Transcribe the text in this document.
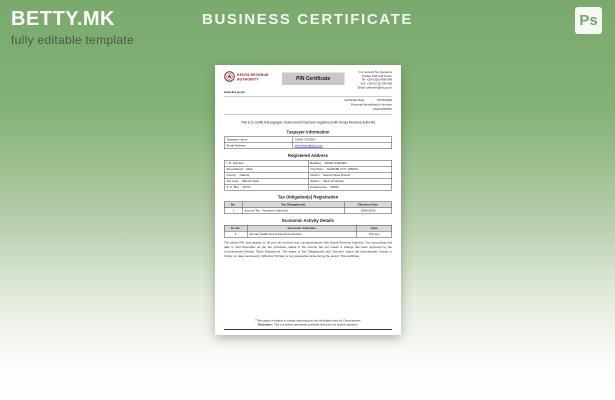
BETTY.MK
fully editable template
BUSINESS CERTIFICATE	Ps
KENYA REVENUE
AUTHORITY	PIN Certificate
For General Tax Questions
Contact KRA Call Centre
Tel: +254 (020) 4999 999
Cell: +254 (0711) 099 999
Email: callcentre@kra.go.ke
www.kra.go.ke
Certificate Date : 15/06/2023
Personal Identification Number
A012345678X
This is to certify that taxpayer shown herein has been registered with Kenya Revenue Authority
Taxpayer Information
Taxpayer Name	JOHN CITIZEN
Email Address	johncitizen@xyz.com
Registered Address
L.R. Number :	Building : ROSE GARDEN
Street/Road : MSA	City/Town : NAIROBI CITY (WEST)
County : Nairobi	District : Nairobi West District
Tax Area : Nairobi West	Station : West of Nairobi
P. O. Box : 26707	Postal Code : 00506
Tax Obligation(s) Registration
No.	Tax Obligation(s)	Effective Date
1	Income Tax - Resident Individual	19/05/2003
Economic Activity Details
Sr. No.	Economic Activities	Type
1	Human health and social work activities	Primary
The above PIN must appear on all your tax invoices and correspondences with Kenya Revenue Authority. Your accounting end date is 31st December as per the provisions stated in the Income Tax Act unless a change has been approved by the Commissioner-General, Taxes Department. The status of Tax Obligation(s) with 'Dormant' status will automatically change to 'Active' on date mentioned in 'Effective Till Date' or any transaction done during the period. This certificate
* This station is subject to change depending on the verification done by Commissioner.
Disclaimer : This is a system generated certificate and does not require signature.
